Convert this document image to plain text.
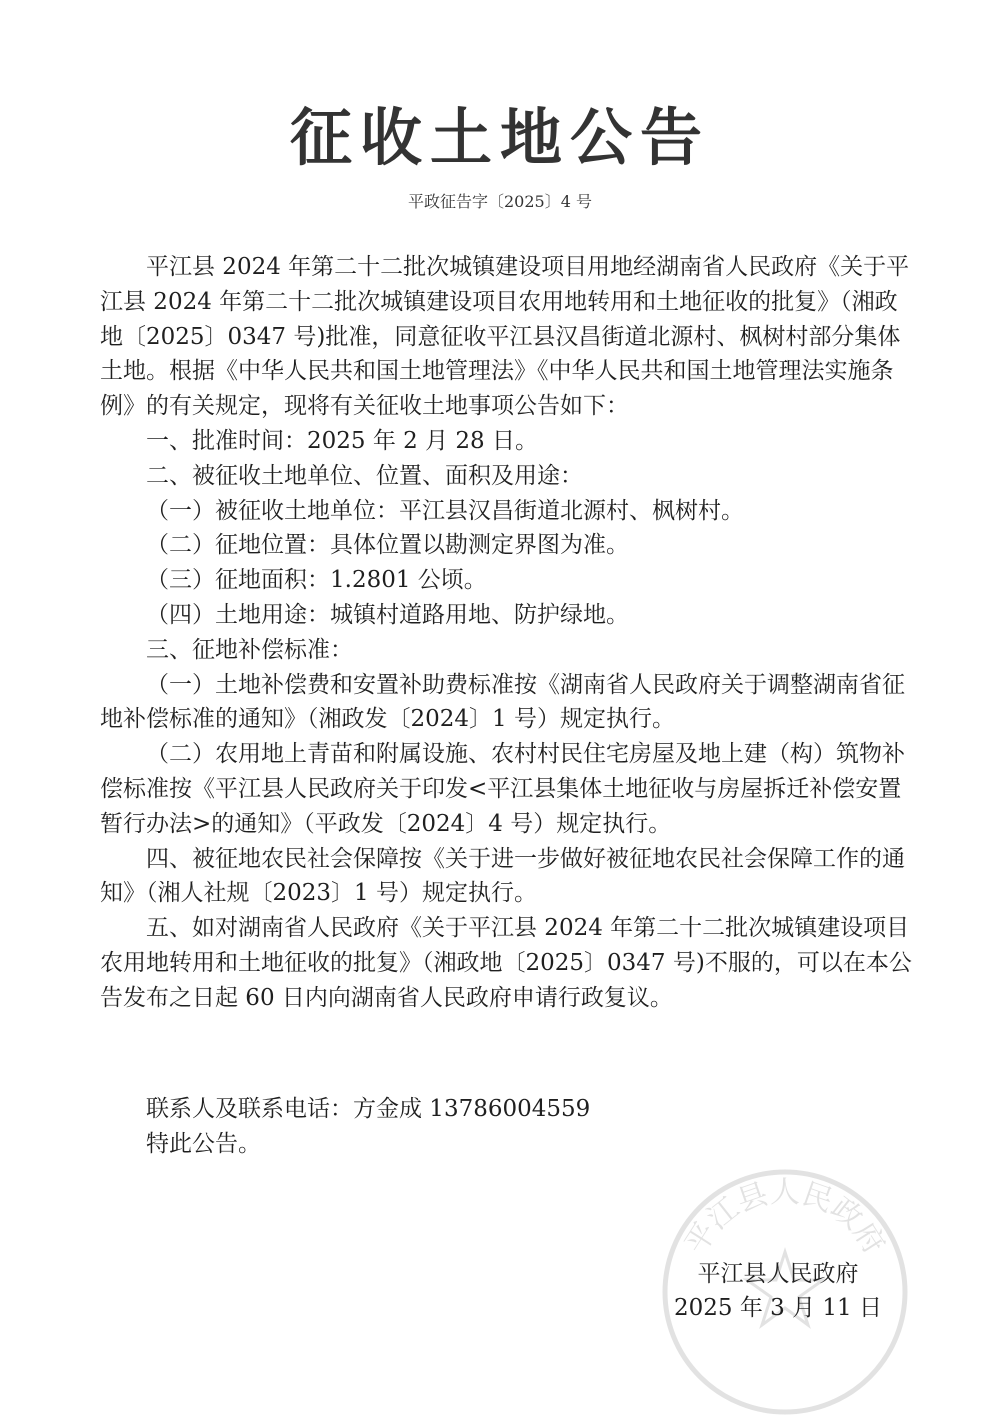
征收土地公告
平政征告字〔2025〕4 号

平江县 2024 年第二十二批次城镇建设项目用地经湖南省人民政府《关于平江县 2024 年第二十二批次城镇建设项目农用地转用和土地征收的批复》（湘政地〔2025〕0347 号)批准，同意征收平江县汉昌街道北源村、枫树村部分集体土地。根据《中华人民共和国土地管理法》《中华人民共和国土地管理法实施条例》的有关规定，现将有关征收土地事项公告如下：

一、批准时间：2025 年 2 月 28 日。

二、被征收土地单位、位置、面积及用途：

（一）被征收土地单位：平江县汉昌街道北源村、枫树村。

（二）征地位置：具体位置以勘测定界图为准。

（三）征地面积：1.2801 公顷。

（四）土地用途：城镇村道路用地、防护绿地。

三、征地补偿标准：

（一）土地补偿费和安置补助费标准按《湖南省人民政府关于调整湖南省征地补偿标准的通知》（湘政发〔2024〕1 号）规定执行。

（二）农用地上青苗和附属设施、农村村民住宅房屋及地上建（构）筑物补偿标准按《平江县人民政府关于印发<平江县集体土地征收与房屋拆迁补偿安置暂行办法>的通知》（平政发〔2024〕4 号）规定执行。

四、被征地农民社会保障按《关于进一步做好被征地农民社会保障工作的通知》（湘人社规〔2023〕1 号）规定执行。

五、如对湖南省人民政府《关于平江县 2024 年第二十二批次城镇建设项目农用地转用和土地征收的批复》（湘政地〔2025〕0347 号)不服的，可以在本公告发布之日起 60 日内向湖南省人民政府申请行政复议。

联系人及联系电话：方金成 13786004559

特此公告。

平江县人民政府
平江县人民政府
2025 年 3 月 11 日
